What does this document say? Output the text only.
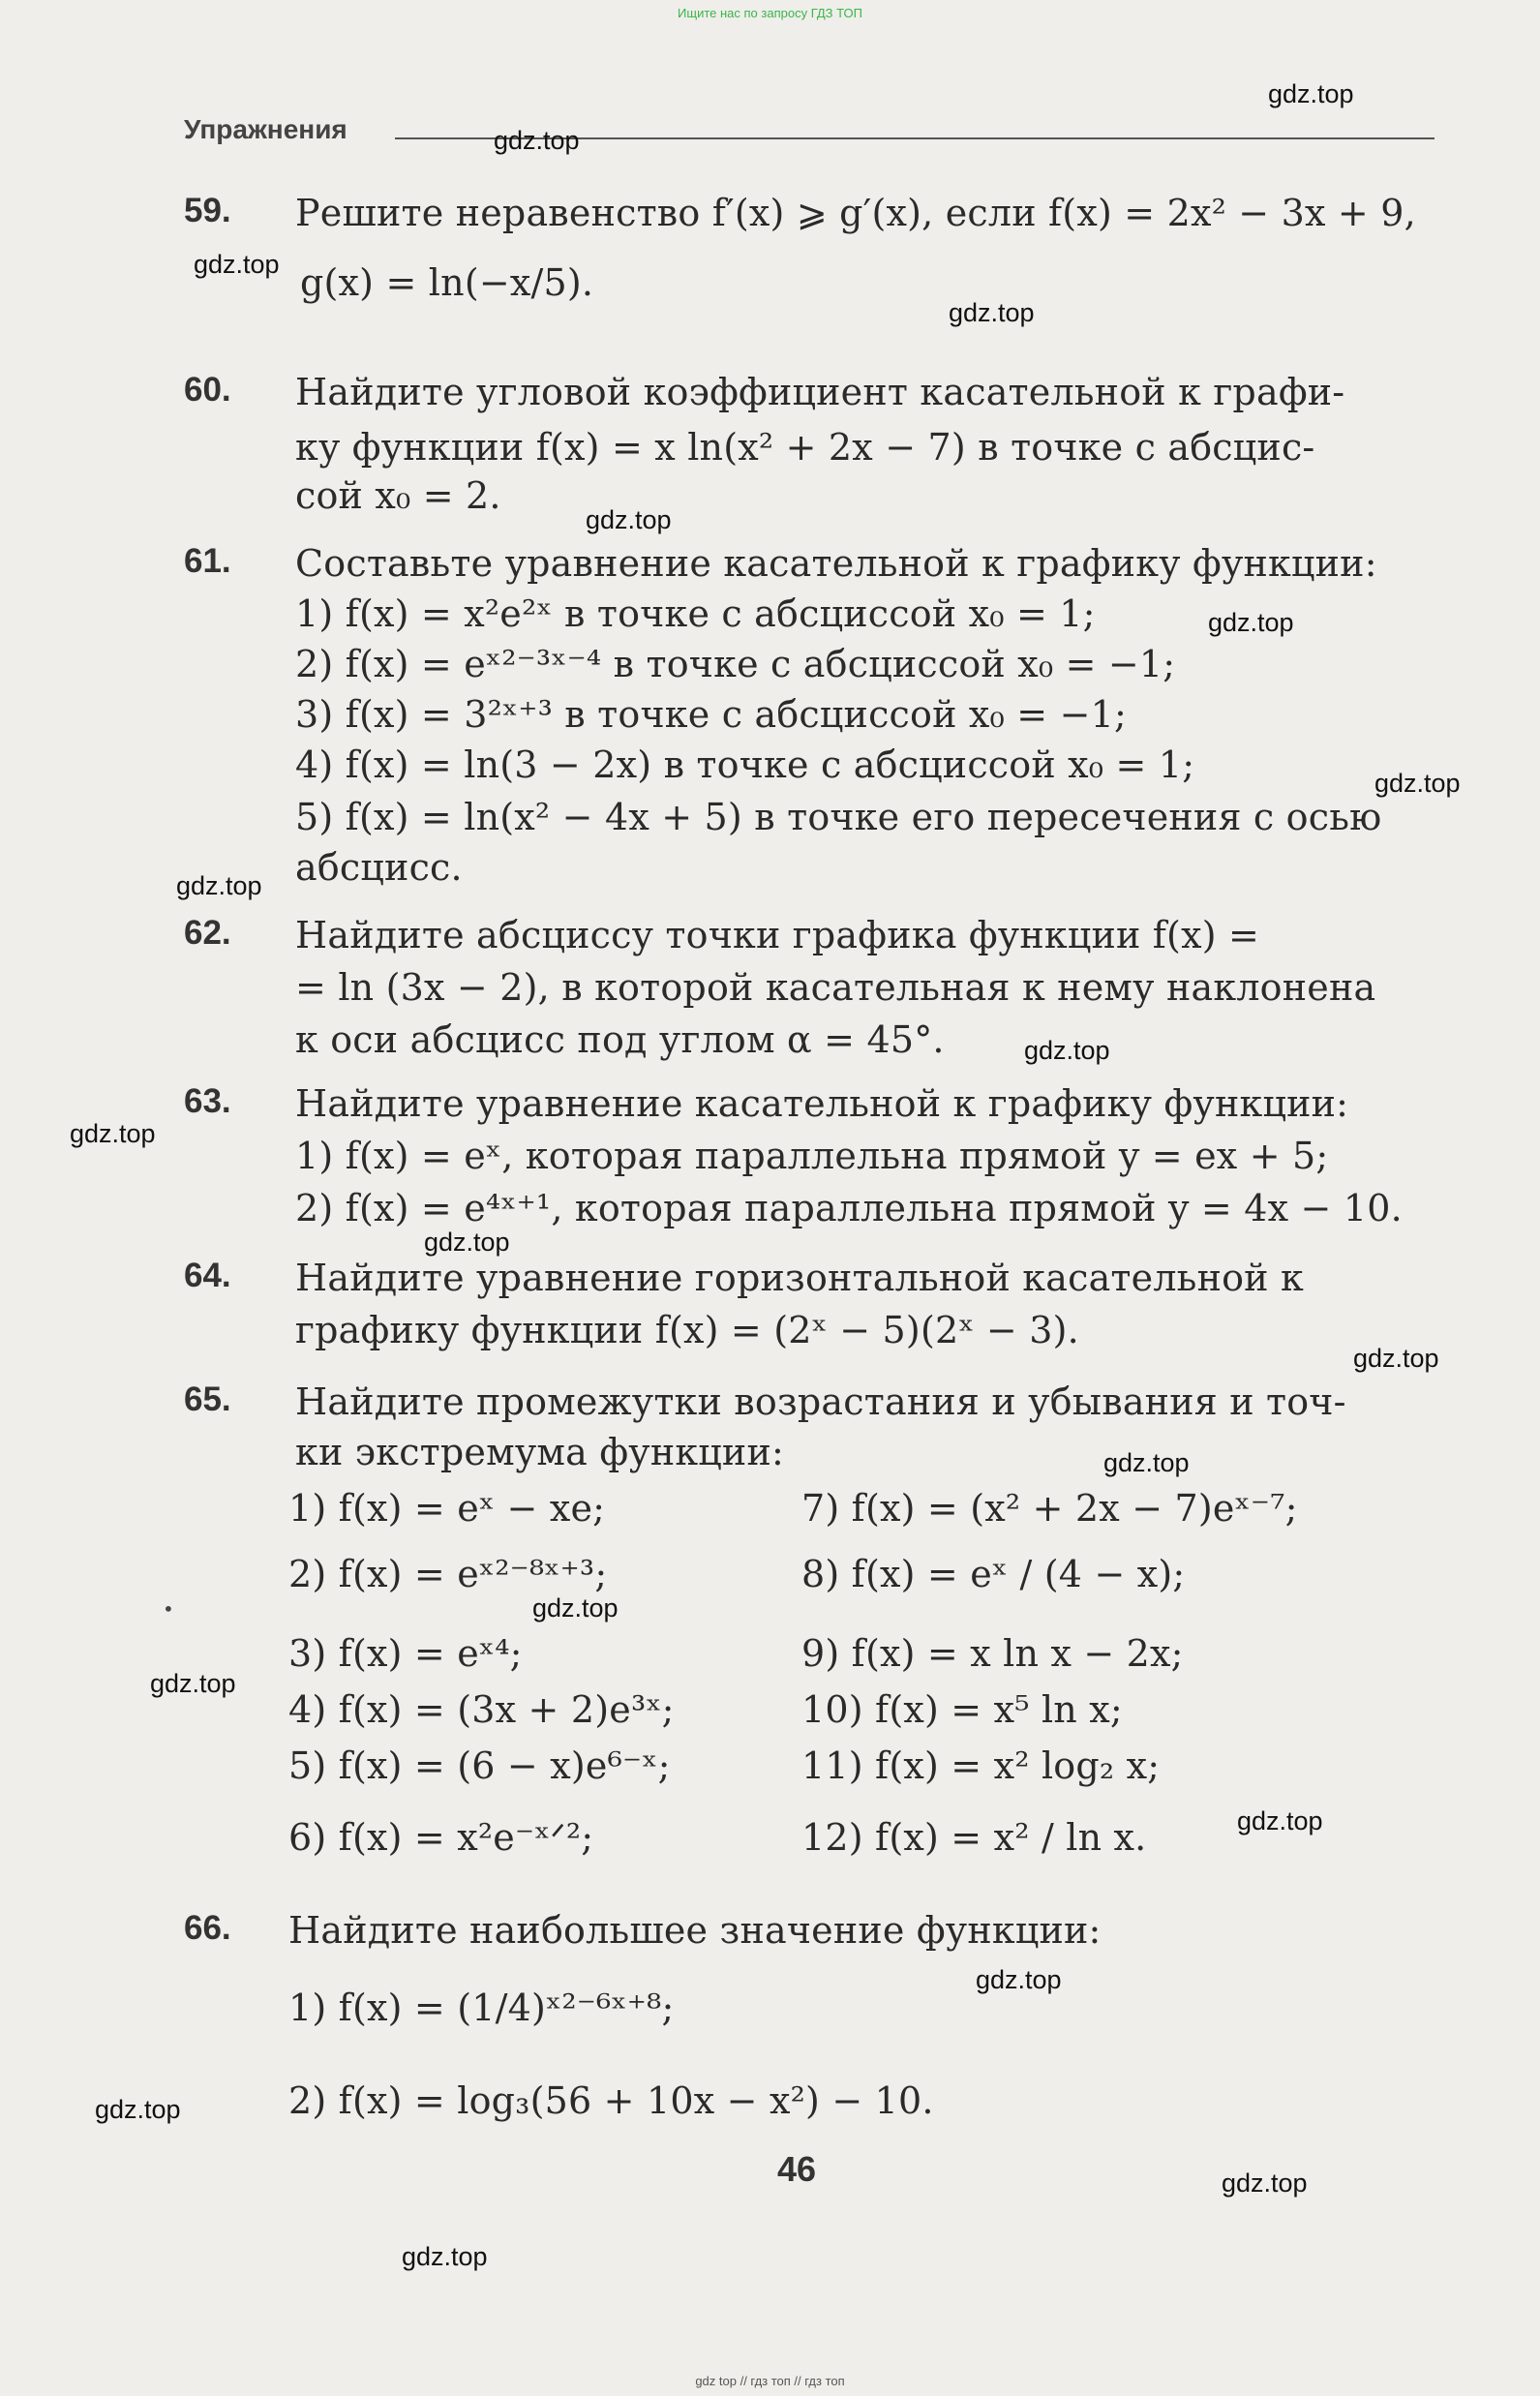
Ищите нас по запросу ГДЗ ТОП
Упражнения
gdz.top
gdz.top
gdz.top
gdz.top
gdz.top
gdz.top
gdz.top
gdz.top
gdz.top
gdz.top
gdz.top
gdz.top
gdz.top
gdz.top
gdz.top
gdz.top
gdz.top
gdz.top
gdz.top
gdz.top
59. Решите неравенство f′(x) ⩾ g′(x), если f(x) = 2x² − 3x + 9,
g(x) = ln(−x/5).
60. Найдите угловой коэффициент касательной к графи-
ку функции f(x) = x ln(x² + 2x − 7) в точке с абсцис-
сой x₀ = 2.
61. Составьте уравнение касательной к графику функции:
1) f(x) = x²e²ˣ в точке с абсциссой x₀ = 1;
2) f(x) = eˣ²⁻³ˣ⁻⁴ в точке с абсциссой x₀ = −1;
3) f(x) = 3²ˣ⁺³ в точке с абсциссой x₀ = −1;
4) f(x) = ln(3 − 2x) в точке с абсциссой x₀ = 1;
5) f(x) = ln(x² − 4x + 5) в точке его пересечения с осью
абсцисс.
62. Найдите абсциссу точки графика функции f(x) =
= ln (3x − 2), в которой касательная к нему наклонена
к оси абсцисс под углом α = 45°.
63. Найдите уравнение касательной к графику функции:
1) f(x) = eˣ, которая параллельна прямой y = ex + 5;
2) f(x) = e⁴ˣ⁺¹, которая параллельна прямой y = 4x − 10.
64. Найдите уравнение горизонтальной касательной к
графику функции f(x) = (2ˣ − 5)(2ˣ − 3).
65. Найдите промежутки возрастания и убывания и точ-
ки экстремума функции:
1) f(x) = eˣ − xe;
2) f(x) = eˣ²⁻⁸ˣ⁺³;
3) f(x) = eˣ⁴;
4) f(x) = (3x + 2)e³ˣ;
5) f(x) = (6 − x)e⁶⁻ˣ;
6) f(x) = x²e⁻ˣᐟ²;
7) f(x) = (x² + 2x − 7)eˣ⁻⁷;
8) f(x) = eˣ / (4 − x);
9) f(x) = x ln x − 2x;
10) f(x) = x⁵ ln x;
11) f(x) = x² log₂ x;
12) f(x) = x² / ln x.
66. Найдите наибольшее значение функции:
1) f(x) = (1/4)ˣ²⁻⁶ˣ⁺⁸;
2) f(x) = log₃(56 + 10x − x²) − 10.
•
46
gdz top // гдз топ // гдз топ
